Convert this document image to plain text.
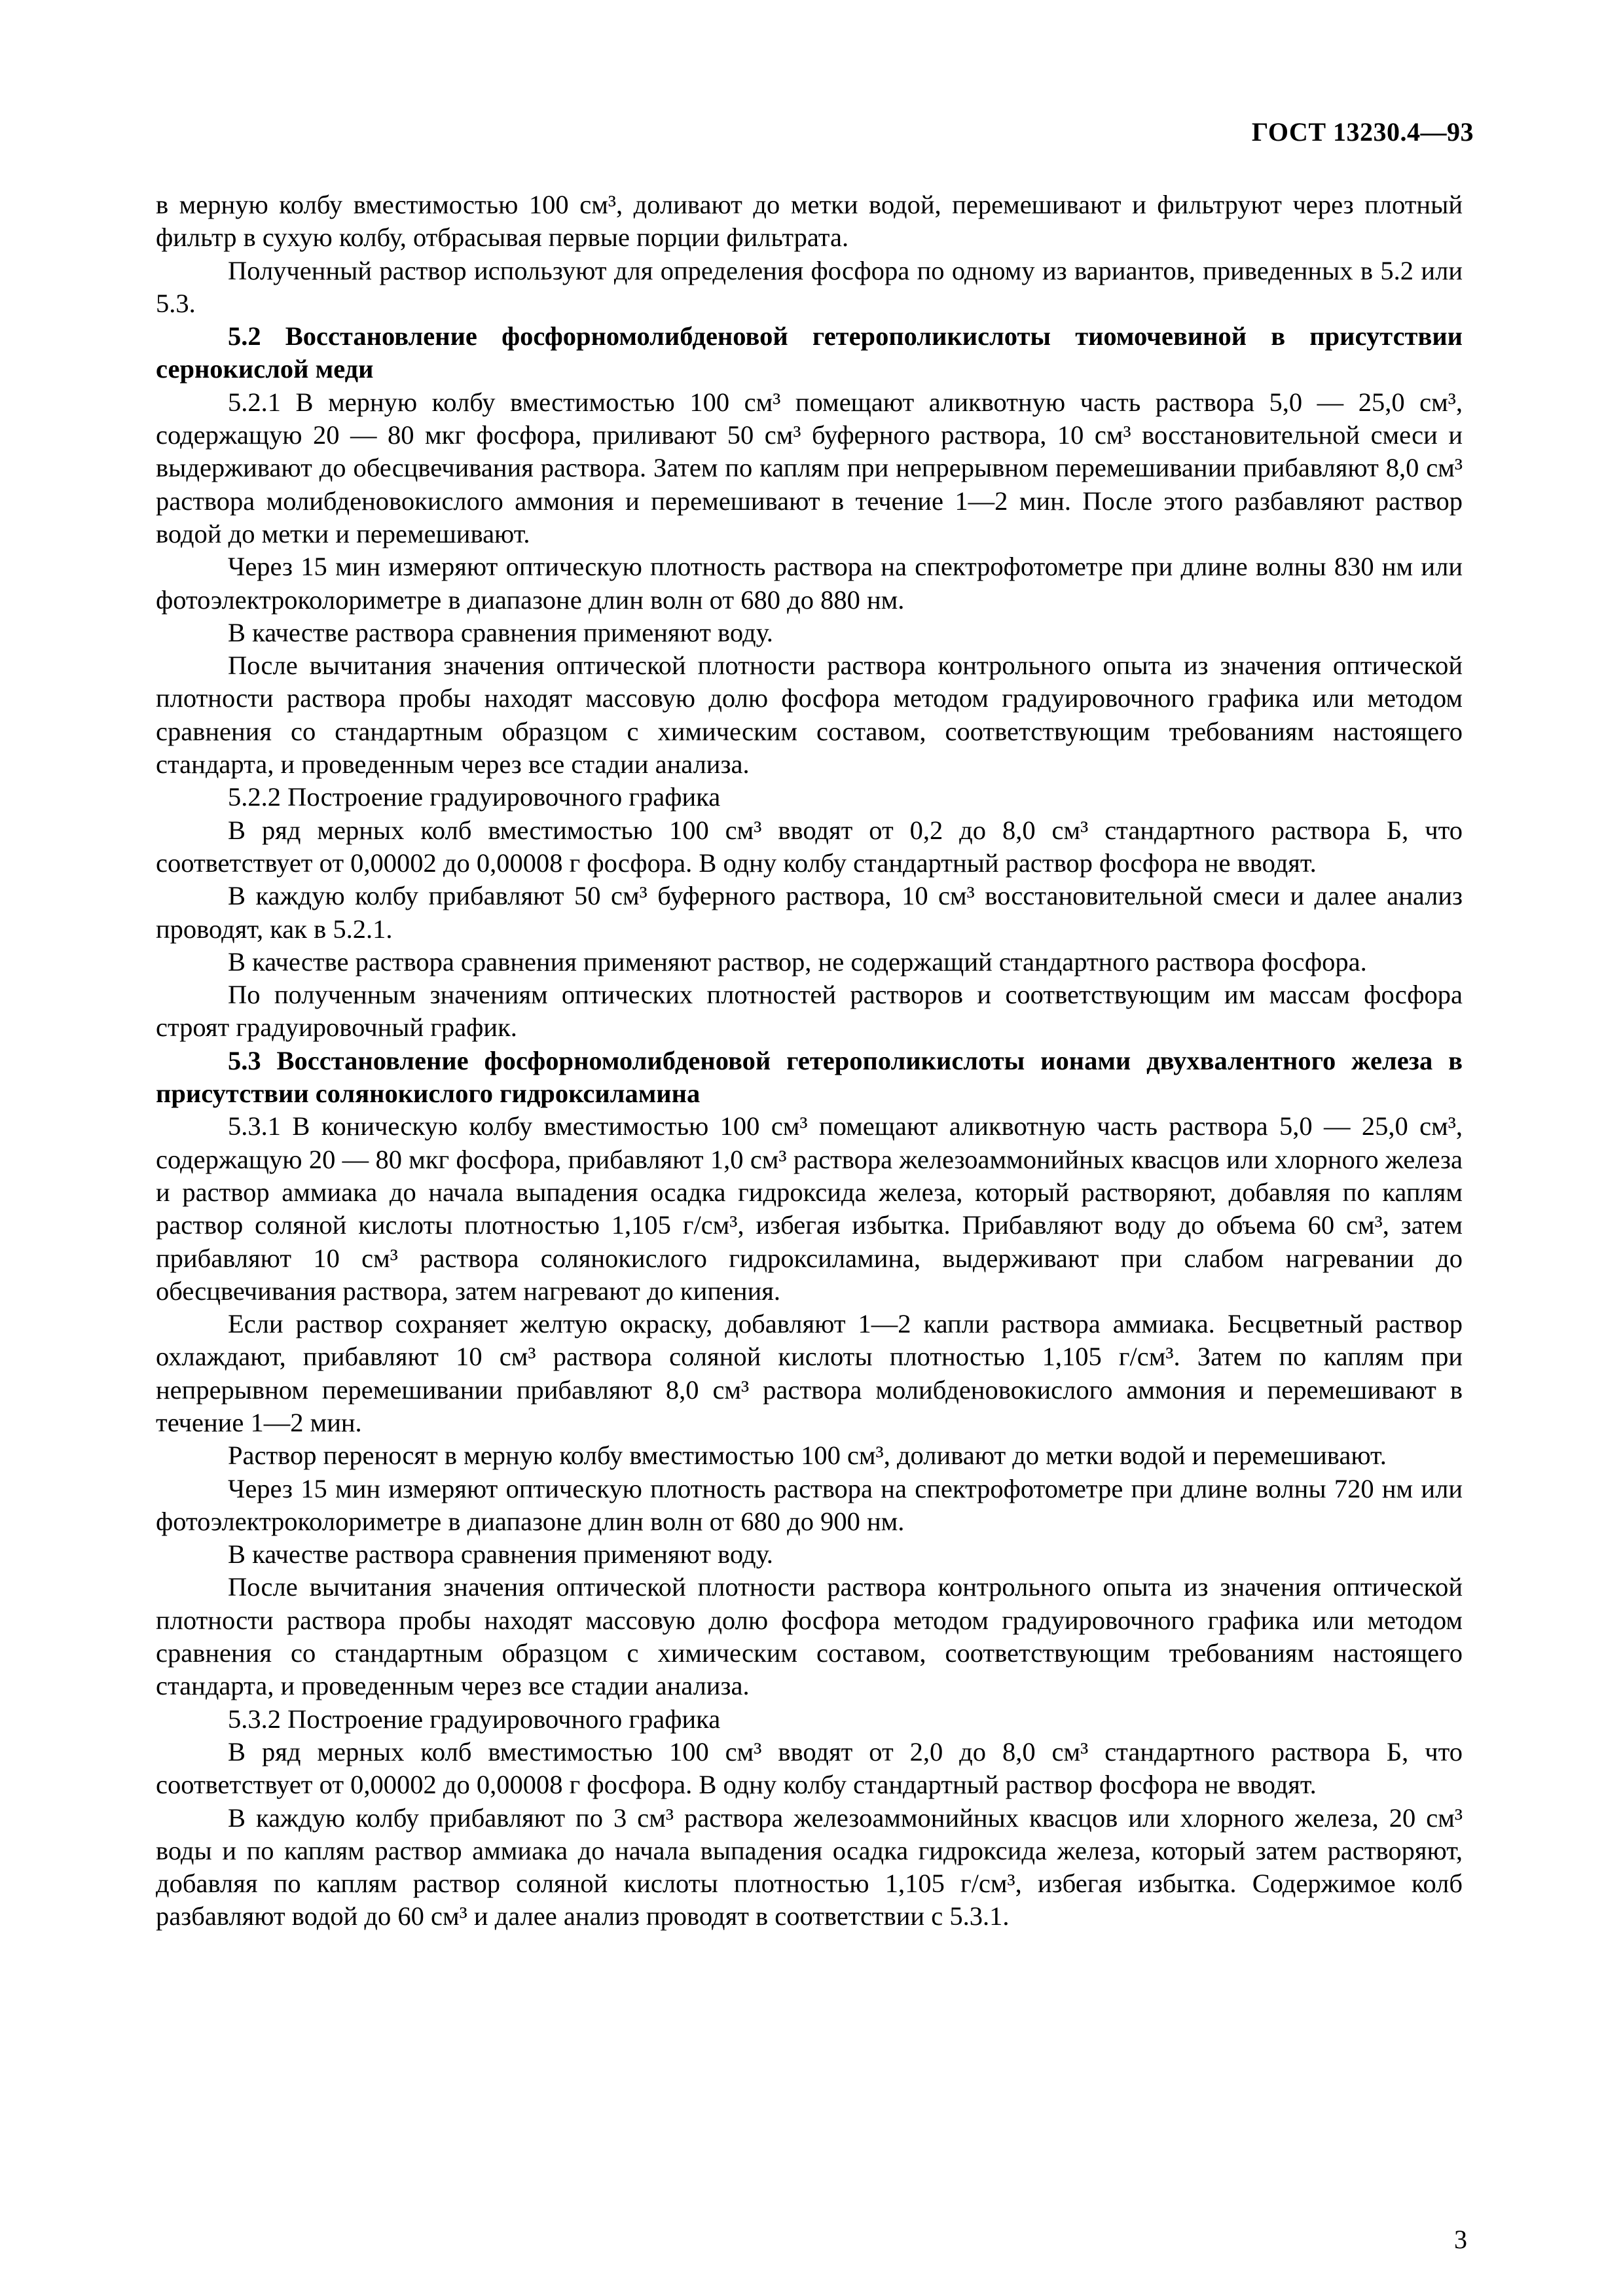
ГОСТ 13230.4—93

в мерную колбу вместимостью 100 см³, доливают до метки водой, перемешивают и фильтруют через плотный фильтр в сухую колбу, отбрасывая первые порции фильтрата.

Полученный раствор используют для определения фосфора по одному из вариантов, приведенных в 5.2 или 5.3.

5.2 Восстановление фосфорномолибденовой гетерополикислоты тиомочевиной в присутствии сернокислой меди

5.2.1 В мерную колбу вместимостью 100 см³ помещают аликвотную часть раствора 5,0 — 25,0 см³, содержащую 20 — 80 мкг фосфора, приливают 50 см³ буферного раствора, 10 см³ восстановительной смеси и выдерживают до обесцвечивания раствора. Затем по каплям при непрерывном перемешивании прибавляют 8,0 см³ раствора молибденовокислого аммония и перемешивают в течение 1—2 мин. После этого разбавляют раствор водой до метки и перемешивают.

Через 15 мин измеряют оптическую плотность раствора на спектрофотометре при длине волны 830 нм или фотоэлектроколориметре в диапазоне длин волн от 680 до 880 нм.

В качестве раствора сравнения применяют воду.

После вычитания значения оптической плотности раствора контрольного опыта из значения оптической плотности раствора пробы находят массовую долю фосфора методом градуировочного графика или методом сравнения со стандартным образцом с химическим составом, соответствующим требованиям настоящего стандарта, и проведенным через все стадии анализа.

5.2.2 Построение градуировочного графика

В ряд мерных колб вместимостью 100 см³ вводят от 0,2 до 8,0 см³ стандартного раствора Б, что соответствует от 0,00002 до 0,00008 г фосфора. В одну колбу стандартный раствор фосфора не вводят.

В каждую колбу прибавляют 50 см³ буферного раствора, 10 см³ восстановительной смеси и далее анализ проводят, как в 5.2.1.

В качестве раствора сравнения применяют раствор, не содержащий стандартного раствора фосфора.

По полученным значениям оптических плотностей растворов и соответствующим им массам фосфора строят градуировочный график.

5.3 Восстановление фосфорномолибденовой гетерополикислоты ионами двухвалентного железа в присутствии солянокислого гидроксиламина

5.3.1 В коническую колбу вместимостью 100 см³ помещают аликвотную часть раствора 5,0 — 25,0 см³, содержащую 20 — 80 мкг фосфора, прибавляют 1,0 см³ раствора железоаммонийных квасцов или хлорного железа и раствор аммиака до начала выпадения осадка гидроксида железа, который растворяют, добавляя по каплям раствор соляной кислоты плотностью 1,105 г/см³, избегая избытка. Прибавляют воду до объема 60 см³, затем прибавляют 10 см³ раствора солянокислого гидроксиламина, выдерживают при слабом нагревании до обесцвечивания раствора, затем нагревают до кипения.

Если раствор сохраняет желтую окраску, добавляют 1—2 капли раствора аммиака. Бесцветный раствор охлаждают, прибавляют 10 см³ раствора соляной кислоты плотностью 1,105 г/см³. Затем по каплям при непрерывном перемешивании прибавляют 8,0 см³ раствора молибденовокислого аммония и перемешивают в течение 1—2 мин.

Раствор переносят в мерную колбу вместимостью 100 см³, доливают до метки водой и перемешивают.

Через 15 мин измеряют оптическую плотность раствора на спектрофотометре при длине волны 720 нм или фотоэлектроколориметре в диапазоне длин волн от 680 до 900 нм.

В качестве раствора сравнения применяют воду.

После вычитания значения оптической плотности раствора контрольного опыта из значения оптической плотности раствора пробы находят массовую долю фосфора методом градуировочного графика или методом сравнения со стандартным образцом с химическим составом, соответствующим требованиям настоящего стандарта, и проведенным через все стадии анализа.

5.3.2 Построение градуировочного графика

В ряд мерных колб вместимостью 100 см³ вводят от 2,0 до 8,0 см³ стандартного раствора Б, что соответствует от 0,00002 до 0,00008 г фосфора. В одну колбу стандартный раствор фосфора не вводят.

В каждую колбу прибавляют по 3 см³ раствора железоаммонийных квасцов или хлорного железа, 20 см³ воды и по каплям раствор аммиака до начала выпадения осадка гидроксида железа, который затем растворяют, добавляя по каплям раствор соляной кислоты плотностью 1,105 г/см³, избегая избытка. Содержимое колб разбавляют водой до 60 см³ и далее анализ проводят в соответствии с 5.3.1.

3
